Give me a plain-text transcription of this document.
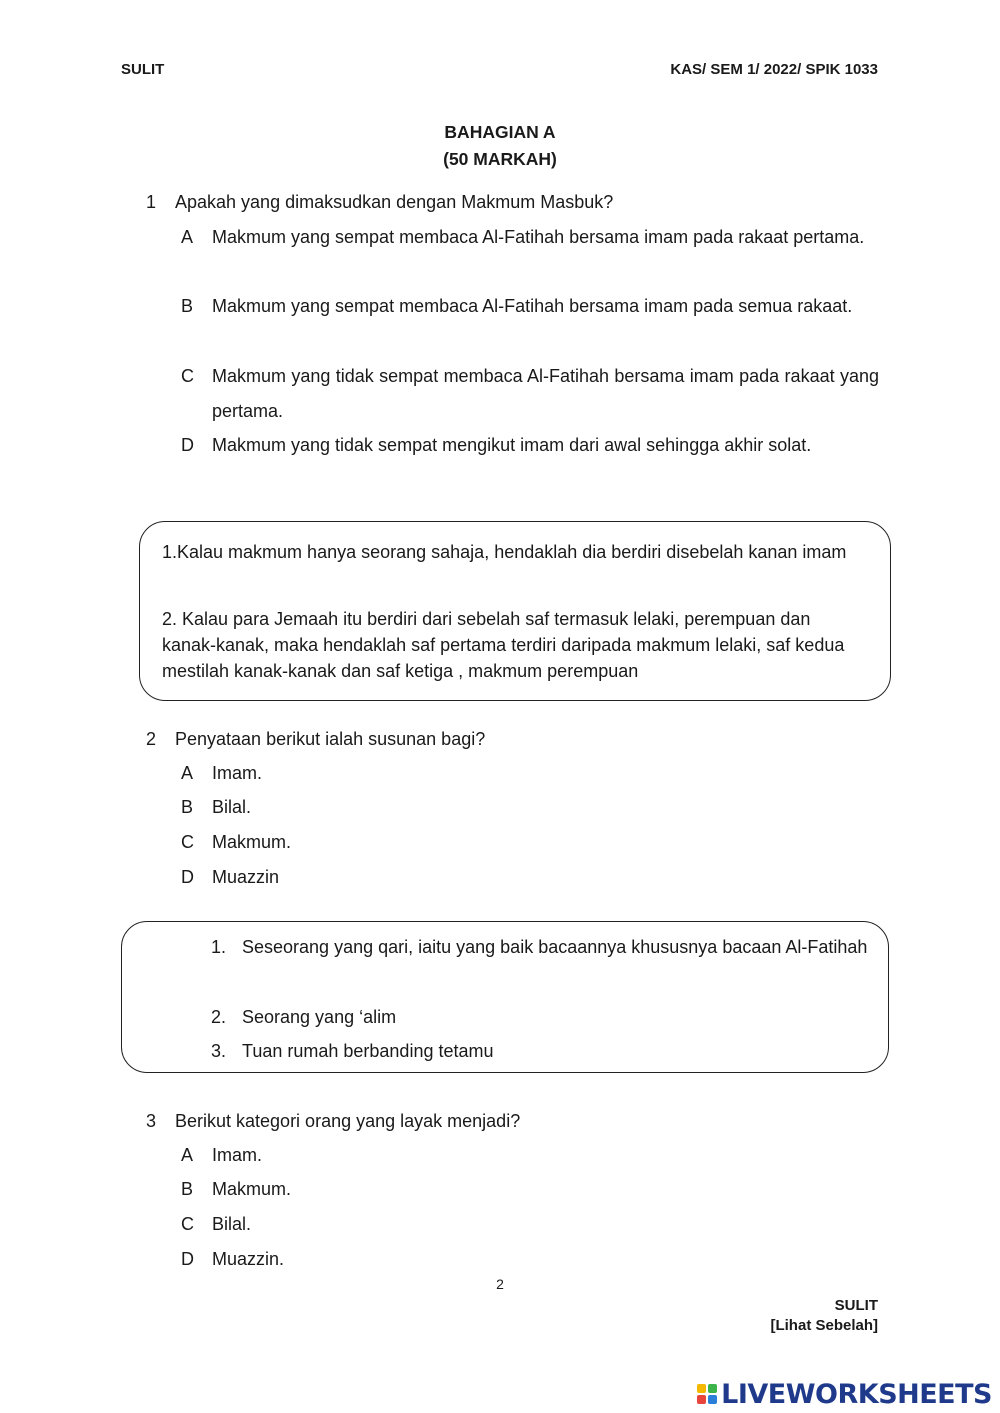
SULIT	KAS/ SEM 1/ 2022/ SPIK 1033
BAHAGIAN A
(50 MARKAH)
1 Apakah yang dimaksudkan dengan Makmum Masbuk?
A Makmum yang sempat membaca Al-Fatihah bersama imam pada rakaat pertama.
B Makmum yang sempat membaca Al-Fatihah bersama imam pada semua rakaat.
C Makmum yang tidak sempat membaca Al-Fatihah bersama imam pada rakaat yang pertama.
D Makmum yang tidak sempat mengikut imam dari awal sehingga akhir solat.

1.Kalau makmum hanya seorang sahaja, hendaklah dia berdiri disebelah kanan imam

2. Kalau para Jemaah itu berdiri dari sebelah saf termasuk lelaki, perempuan dan kanak-kanak, maka hendaklah saf pertama terdiri daripada makmum lelaki, saf kedua mestilah kanak-kanak dan saf ketiga , makmum perempuan

2 Penyataan berikut ialah susunan bagi?
A Imam.
B Bilal.
C Makmum.
D Muazzin
1. Seseorang yang qari, iaitu yang baik bacaannya khususnya bacaan Al-Fatihah
2. Seorang yang ‘alim
3. Tuan rumah berbanding tetamu
3 Berikut kategori orang yang layak menjadi?
A Imam.
B Makmum.
C Bilal.
D Muazzin.
2
SULIT
[Lihat Sebelah]
LIVEWORKSHEETS
